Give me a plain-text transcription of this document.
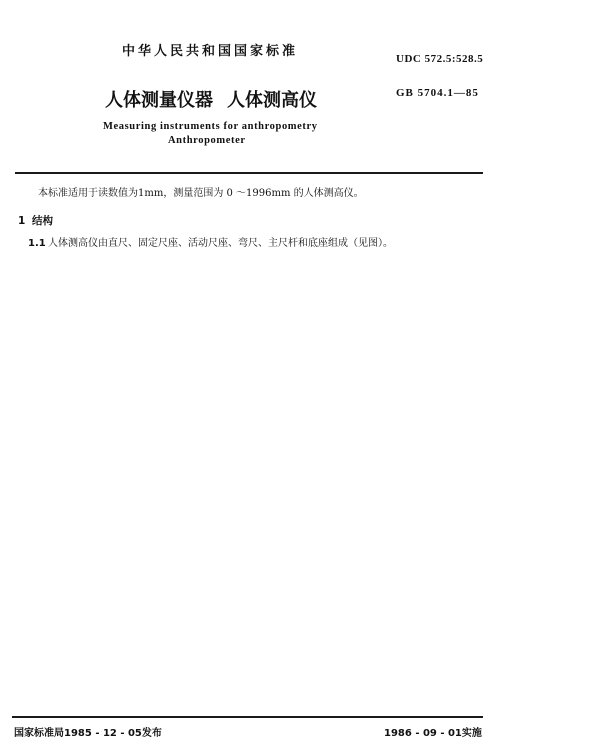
中华人民共和国国家标准	UDC 572.5:528.5
GB 5704.1—85
人体测量仪器 人体测高仪
Measuring instruments for anthropometry
Anthropometer
本标准适用于读数值为1mm，测量范围为 0 ～1996mm 的人体测高仪。
1 结构
1.1 人体测高仪由直尺、固定尺座、活动尺座、弯尺、主尺杆和底座组成（见图）。
国家标准局1985 - 12 - 05发布	1986 - 09 - 01实施
